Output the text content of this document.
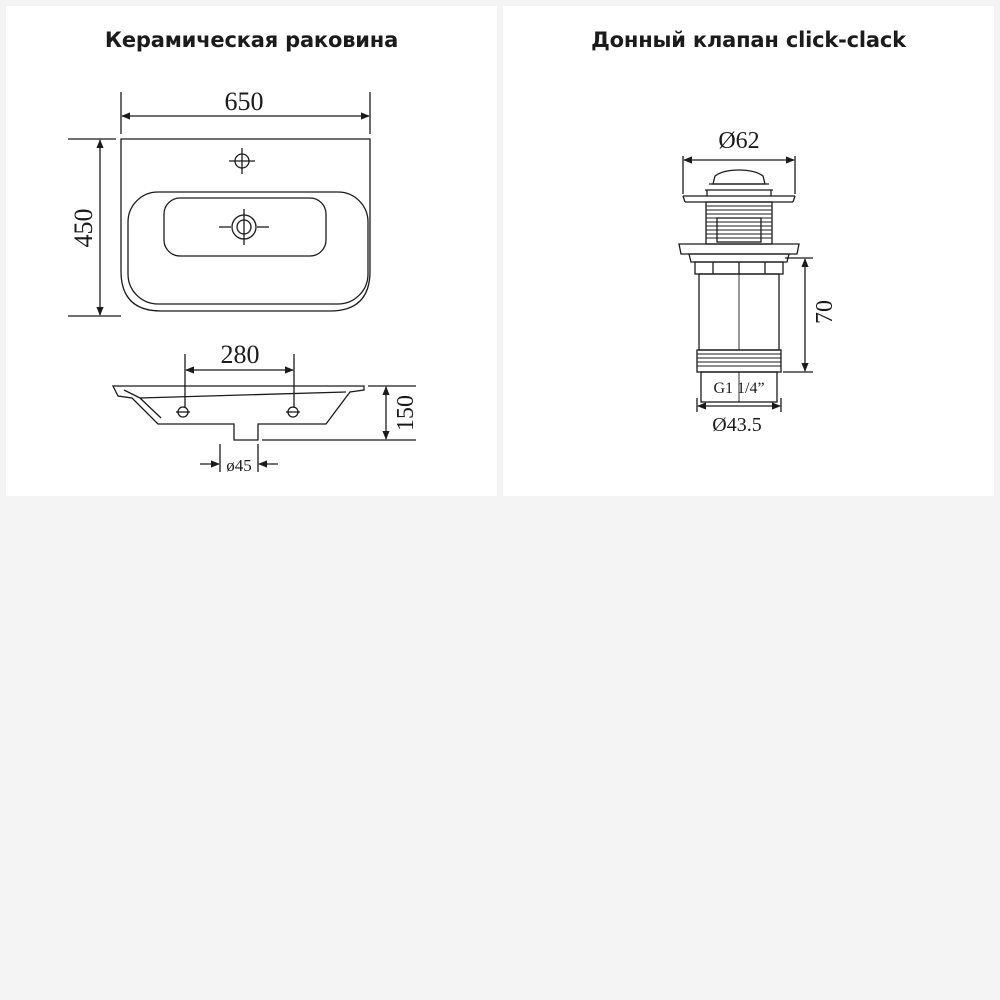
Керамическая раковина
650
450
280
150
ø45
Донный клапан click-clack
Ø62
70
G1 1/4”
Ø43.5
